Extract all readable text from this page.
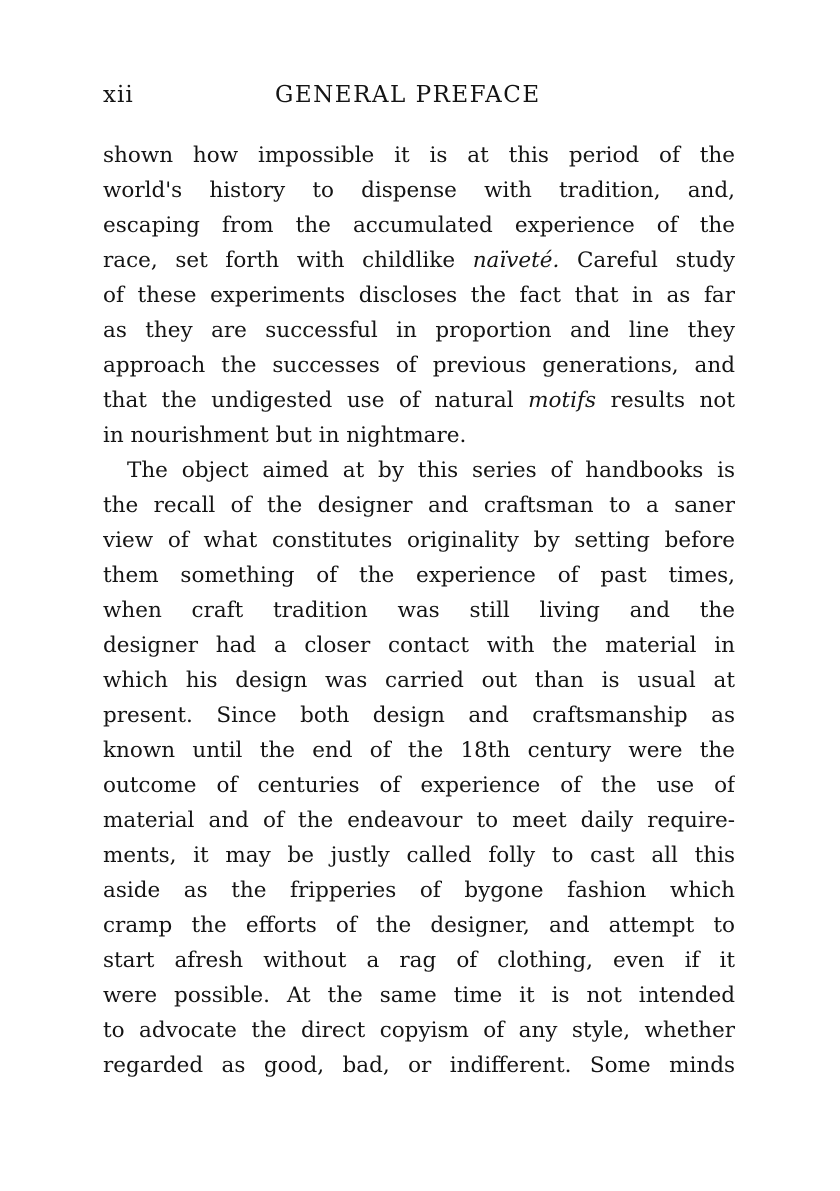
xii	GENERAL PREFACE
shown how impossible it is at this period of the
world's history to dispense with tradition, and,
escaping from the accumulated experience of the
race, set forth with childlike naïveté. Careful study
of these experiments discloses the fact that in as far
as they are successful in proportion and line they
approach the successes of previous generations, and
that the undigested use of natural motifs results not
in nourishment but in nightmare.
The object aimed at by this series of handbooks is
the recall of the designer and craftsman to a saner
view of what constitutes originality by setting before
them something of the experience of past times,
when craft tradition was still living and the
designer had a closer contact with the material in
which his design was carried out than is usual at
present. Since both design and craftsmanship as
known until the end of the 18th century were the
outcome of centuries of experience of the use of
material and of the endeavour to meet daily require-
ments, it may be justly called folly to cast all this
aside as the fripperies of bygone fashion which
cramp the efforts of the designer, and attempt to
start afresh without a rag of clothing, even if it
were possible. At the same time it is not intended
to advocate the direct copyism of any style, whether
regarded as good, bad, or indifferent. Some minds
